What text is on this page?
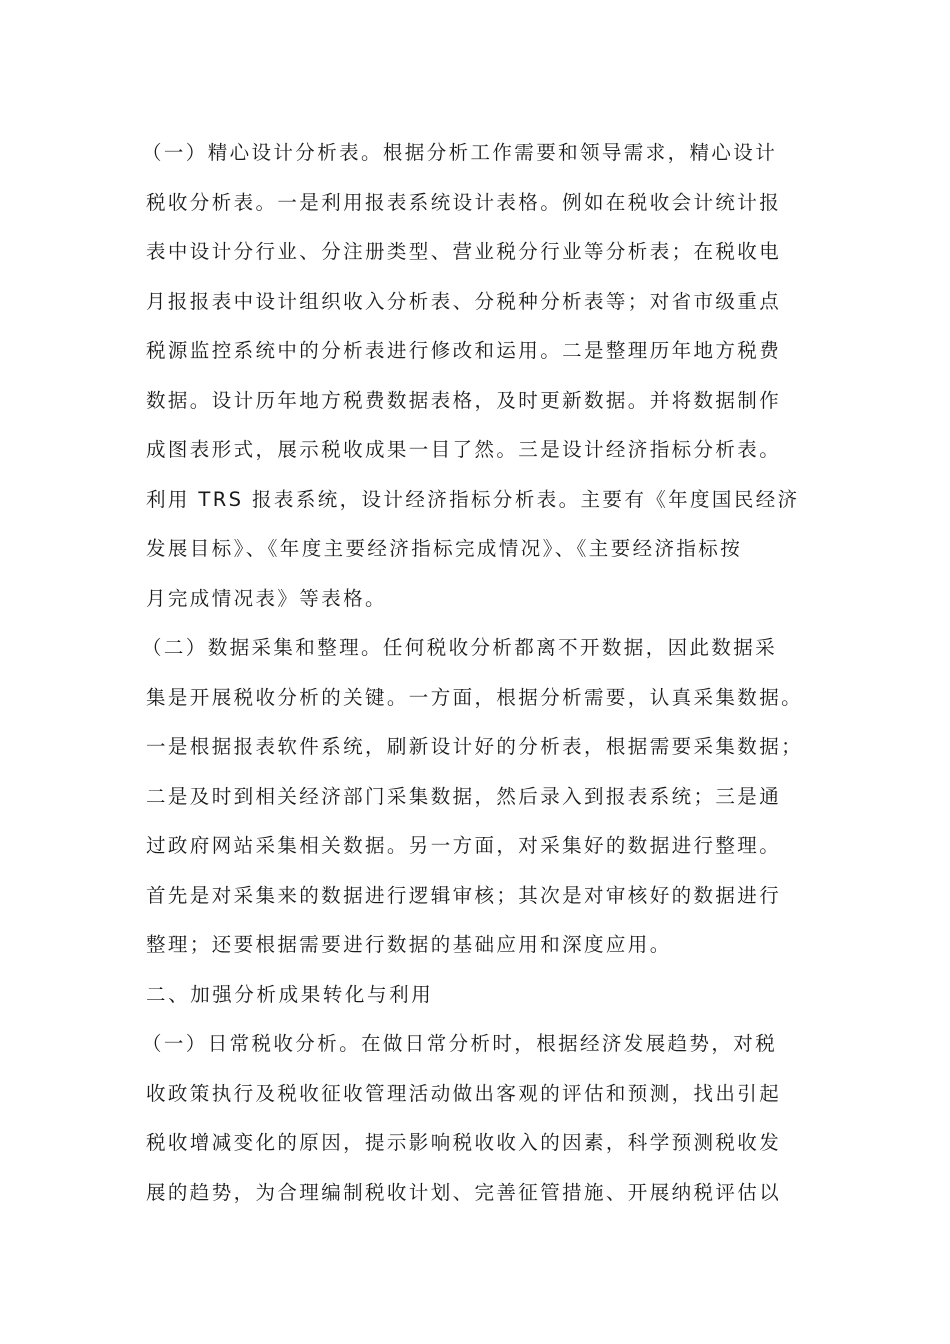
（一）精心设计分析表。根据分析工作需要和领导需求，精心设计
税收分析表。一是利用报表系统设计表格。例如在税收会计统计报
表中设计分行业、分注册类型、营业税分行业等分析表；在税收电
月报报表中设计组织收入分析表、分税种分析表等；对省市级重点
税源监控系统中的分析表进行修改和运用。二是整理历年地方税费
数据。设计历年地方税费数据表格，及时更新数据。并将数据制作
成图表形式，展示税收成果一目了然。三是设计经济指标分析表。
利用 TRS 报表系统，设计经济指标分析表。主要有《年度国民经济
发展目标》、《年度主要经济指标完成情况》、《主要经济指标按
月完成情况表》等表格。
（二）数据采集和整理。任何税收分析都离不开数据，因此数据采
集是开展税收分析的关键。一方面，根据分析需要，认真采集数据。
一是根据报表软件系统，刷新设计好的分析表，根据需要采集数据；
二是及时到相关经济部门采集数据，然后录入到报表系统；三是通
过政府网站采集相关数据。另一方面，对采集好的数据进行整理。
首先是对采集来的数据进行逻辑审核；其次是对审核好的数据进行
整理；还要根据需要进行数据的基础应用和深度应用。
二、加强分析成果转化与利用
（一）日常税收分析。在做日常分析时，根据经济发展趋势，对税
收政策执行及税收征收管理活动做出客观的评估和预测，找出引起
税收增减变化的原因，提示影响税收收入的因素，科学预测税收发
展的趋势，为合理编制税收计划、完善征管措施、开展纳税评估以
